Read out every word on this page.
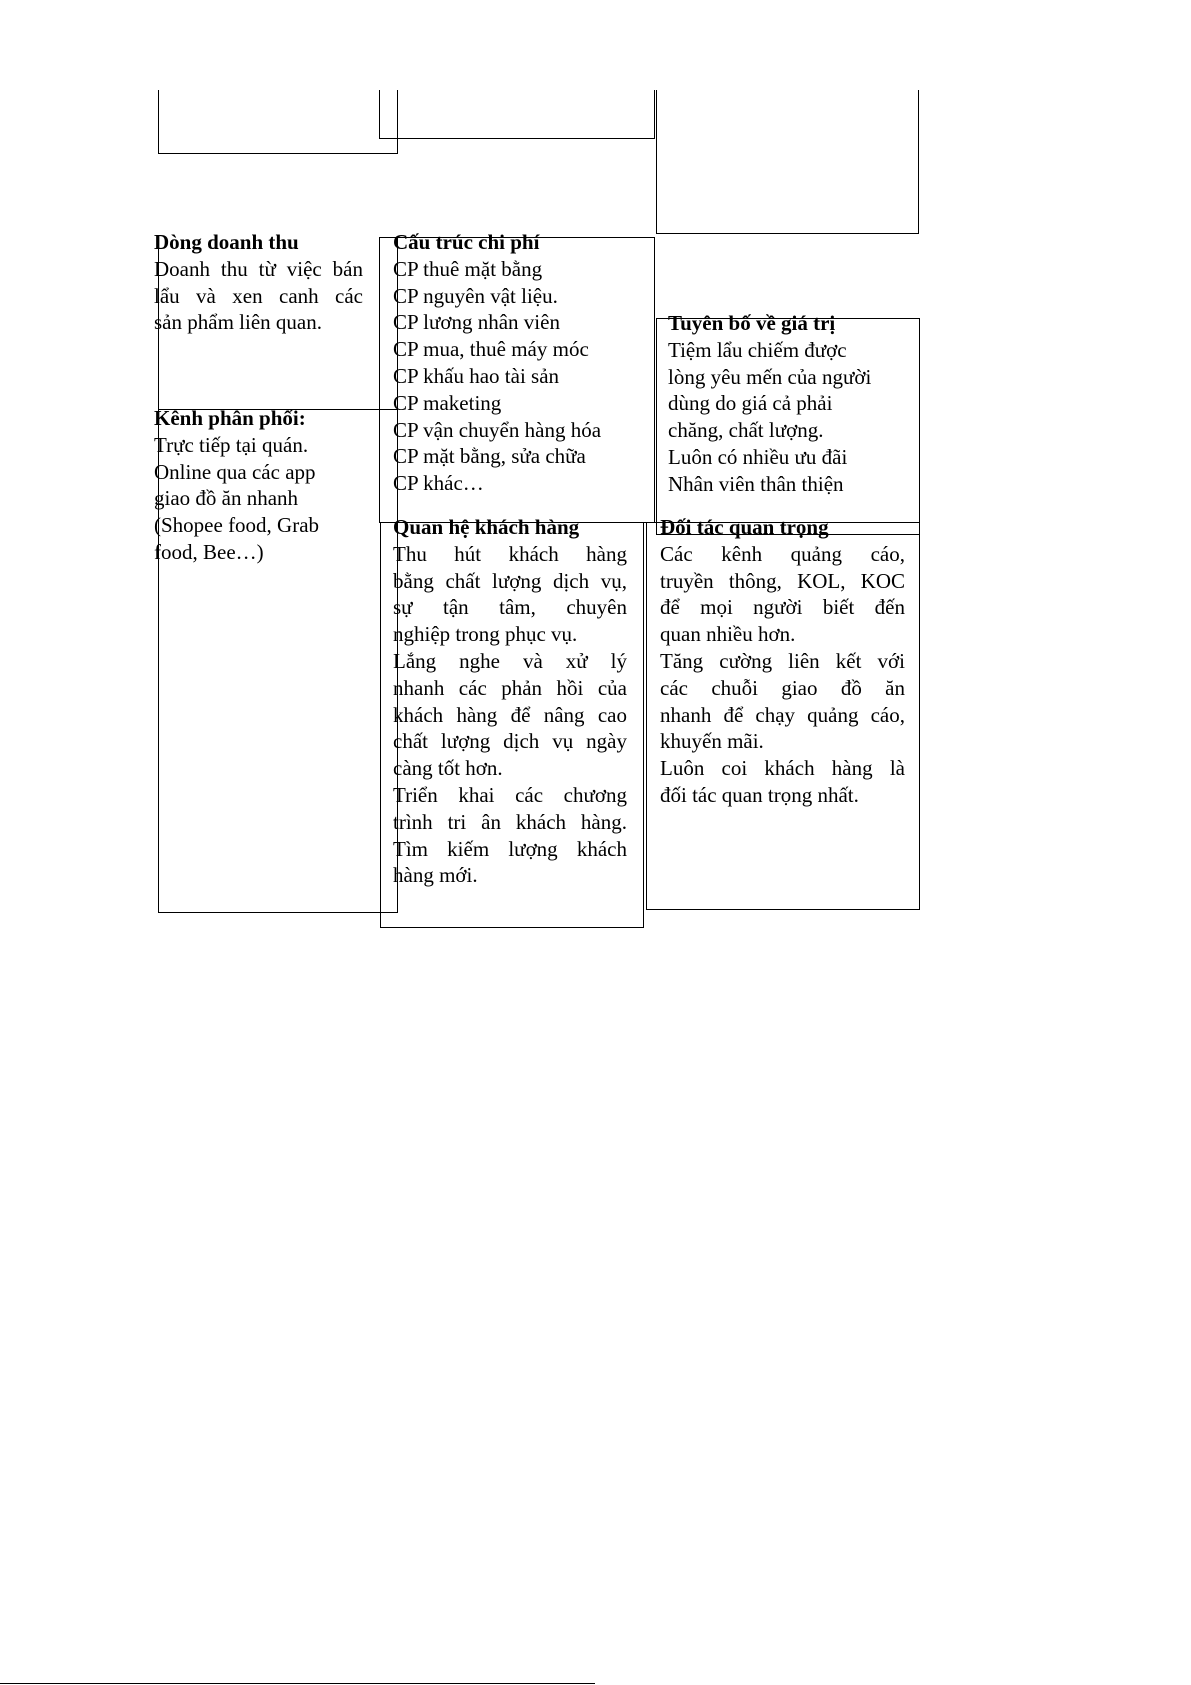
Dòng doanh thu
Doanh thu từ việc bán
lẩu và xen canh các
sản phẩm liên quan.
Kênh phân phối:
Trực tiếp tại quán.
Online qua các app
giao đồ ăn nhanh
(Shopee food, Grab
food, Bee…)
Cấu trúc chi phí
CP thuê mặt bằng
CP nguyên vật liệu.
CP lương nhân viên
CP mua, thuê máy móc
CP khấu hao tài sản
CP maketing
CP vận chuyển hàng hóa
CP mặt bằng, sửa chữa
CP khác…
Quan hệ khách hàng
Thu hút khách hàng
bằng chất lượng dịch vụ,
sự tận tâm, chuyên
nghiệp trong phục vụ.
Lắng nghe và xử lý
nhanh các phản hồi của
khách hàng để nâng cao
chất lượng dịch vụ ngày
càng tốt hơn.
Triển khai các chương
trình tri ân khách hàng.
Tìm kiếm lượng khách
hàng mới.
Tuyên bố về giá trị
Tiệm lẩu chiếm được
lòng yêu mến của người
dùng do giá cả phải
chăng, chất lượng.
Luôn có nhiều ưu đãi
Nhân viên thân thiện
Đối tác quan trọng
Các kênh quảng cáo,
truyền thông, KOL, KOC
để mọi người biết đến
quan nhiều hơn.
Tăng cường liên kết với
các chuỗi giao đồ ăn
nhanh để chạy quảng cáo,
khuyến mãi.
Luôn coi khách hàng là
đối tác quan trọng nhất.
